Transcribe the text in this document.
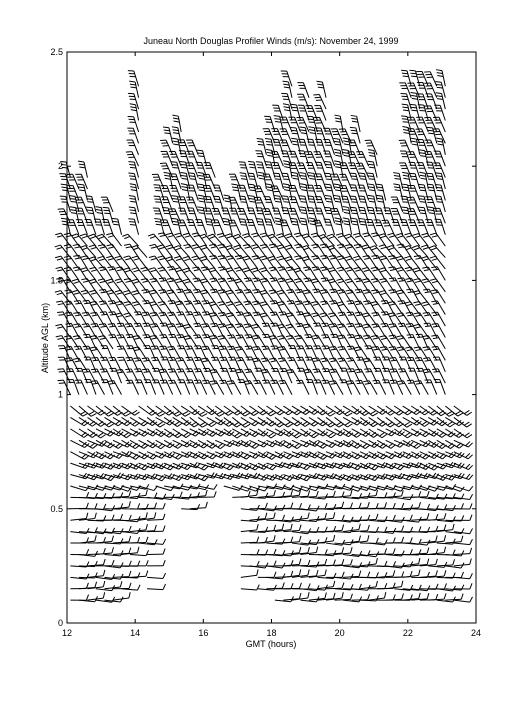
Juneau North Douglas Profiler Winds (m/s): November 24, 1999
12	14	16	18	20	22	24
0
0.5
1
1.5
2
2.5
GMT (hours)
Altitude AGL (km)
